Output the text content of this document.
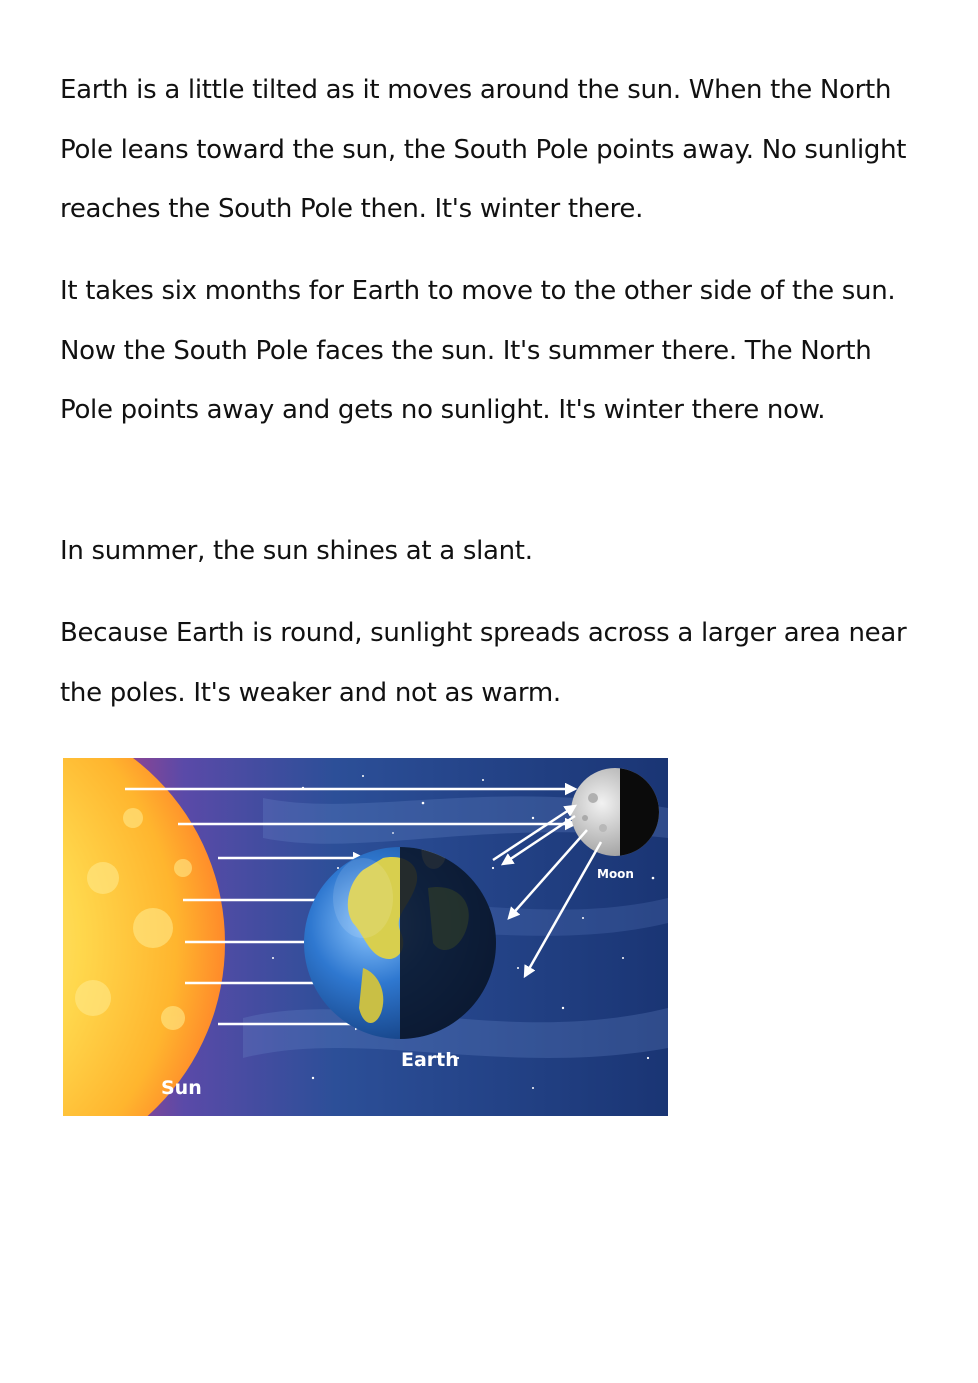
Earth is a little tilted as it moves around the sun. When the North Pole leans toward the sun, the South Pole points away. No sunlight reaches the South Pole then. It's winter there.

It takes six months for Earth to move to the other side of the sun. Now the South Pole faces the sun. It's summer there. The North Pole points away and gets no sunlight. It's winter there now.

In summer, the sun shines at a slant.

Because Earth is round, sunlight spreads across a larger area near the poles. It's weaker and not as warm.

Sun
Earth
Moon
